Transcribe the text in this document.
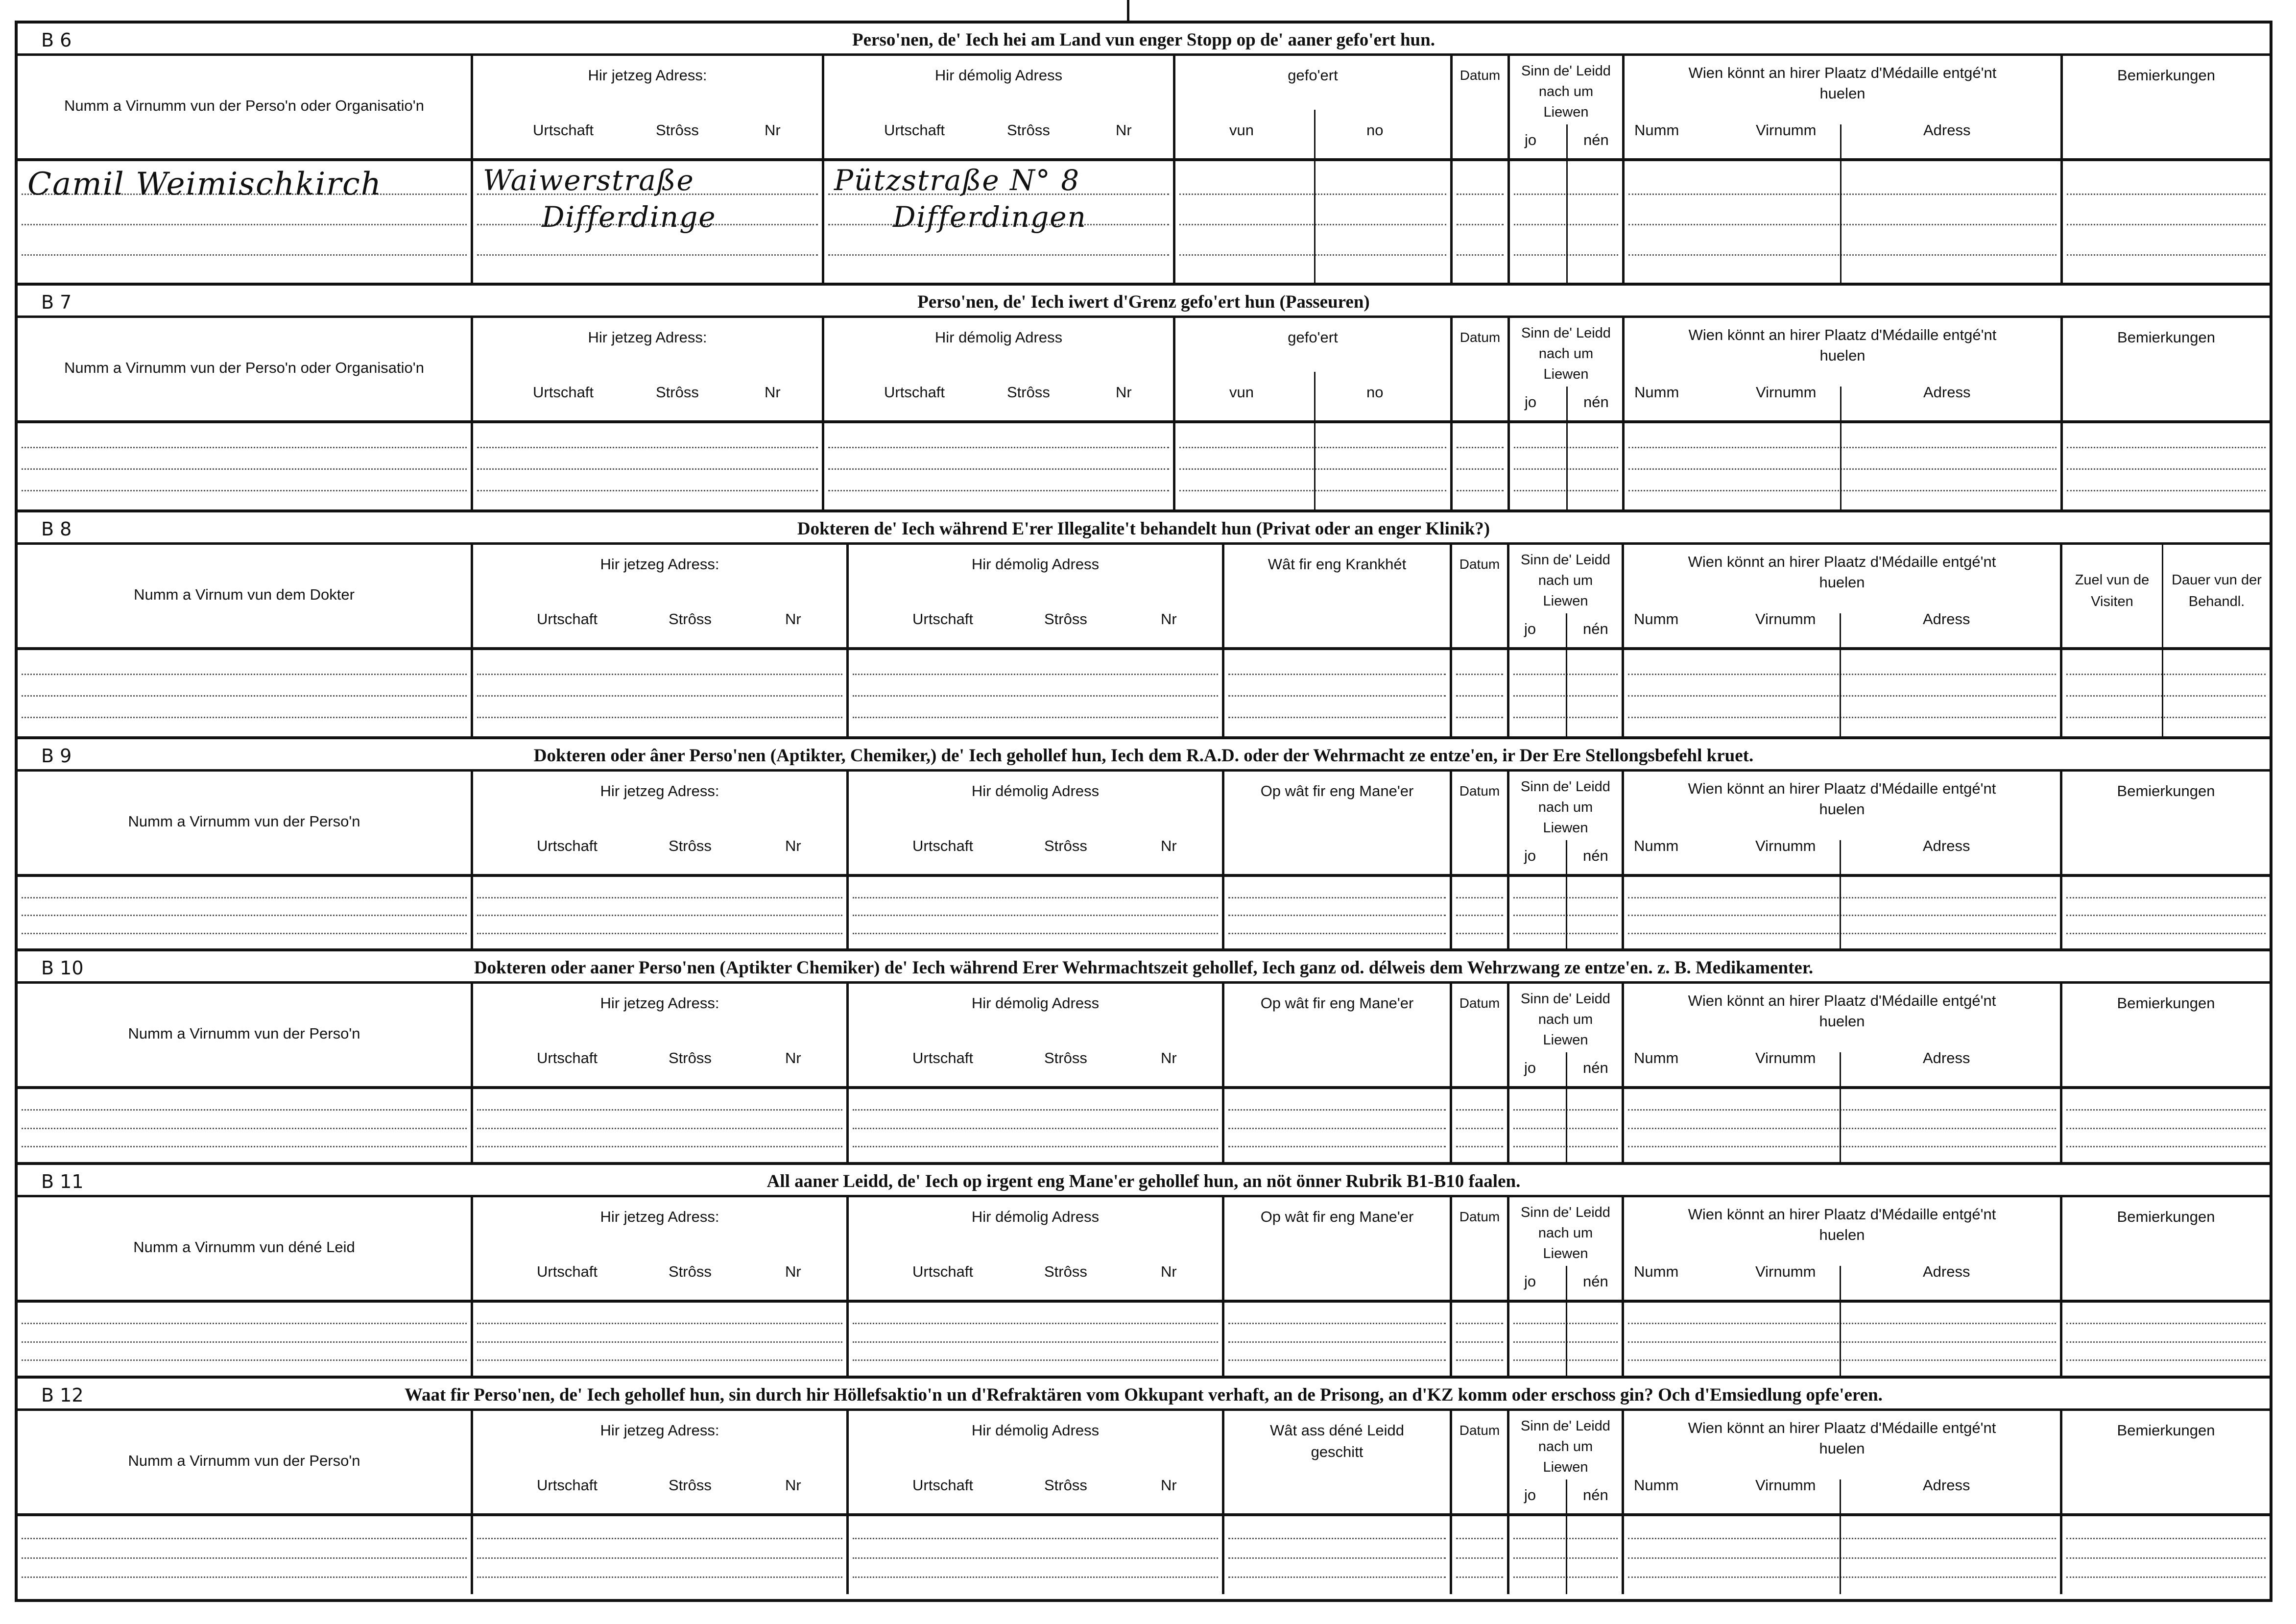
B 6	Perso'nen, de' Iech hei am Land vun enger Stopp op de' aaner gefo'ert hun.
Numm a Virnumm vun der Perso'n oder Organisatio'n
Camil Weimischkirch
Hir jetzeg Adress:
Urtschaft	Strôss	Nr
Waiwerstraße
Differdinge
Hir démolig Adress
Urtschaft	Strôss	Nr
Pützstraße N° 8
Differdingen
gefo'ert
vun	no
Datum	Sinn de' Leidd nach um Liewen
jo	nén
Wien könnt an hirer Plaatz d'Médaille entgé'nt huelen
Numm	Virnumm	Adress
Bemierkungen
B 7	Perso'nen, de' Iech iwert d'Grenz gefo'ert hun (Passeuren)
Numm a Virnumm vun der Perso'n oder Organisatio'n
Hir jetzeg Adress:
Urtschaft	Strôss	Nr
Hir démolig Adress
Urtschaft	Strôss	Nr
gefo'ert
vun	no
Datum	Sinn de' Leidd nach um Liewen
jo	nén
Wien könnt an hirer Plaatz d'Médaille entgé'nt huelen
Numm	Virnumm	Adress
Bemierkungen
B 8	Dokteren de' Iech während E'rer Illegalite't behandelt hun (Privat oder an enger Klinik?)
Numm a Virnum vun dem Dokter
Hir jetzeg Adress:
Urtschaft	Strôss	Nr
Hir démolig Adress
Urtschaft	Strôss	Nr
Wât fir eng Krankhét	Datum	Sinn de' Leidd nach um Liewen
jo	nén
Wien könnt an hirer Plaatz d'Médaille entgé'nt huelen
Numm	Virnumm	Adress
Zuel vun de Visiten
Dauer vun der Behandl.
B 9	Dokteren oder âner Perso'nen (Aptikter, Chemiker,) de' Iech gehollef hun, Iech dem R.A.D. oder der Wehrmacht ze entze'en, ir Der Ere Stellongsbefehl kruet.
Numm a Virnumm vun der Perso'n
Hir jetzeg Adress:
Urtschaft	Strôss	Nr
Hir démolig Adress
Urtschaft	Strôss	Nr
Op wât fir eng Mane'er	Datum	Sinn de' Leidd nach um Liewen
jo	nén
Wien könnt an hirer Plaatz d'Médaille entgé'nt huelen
Numm	Virnumm	Adress
Bemierkungen
B 10	Dokteren oder aaner Perso'nen (Aptikter Chemiker) de' Iech während Erer Wehrmachtszeit gehollef, Iech ganz od. délweis dem Wehrzwang ze entze'en. z. B. Medikamenter.
Numm a Virnumm vun der Perso'n
Hir jetzeg Adress:
Urtschaft	Strôss	Nr
Hir démolig Adress
Urtschaft	Strôss	Nr
Op wât fir eng Mane'er	Datum	Sinn de' Leidd nach um Liewen
jo	nén
Wien könnt an hirer Plaatz d'Médaille entgé'nt huelen
Numm	Virnumm	Adress
Bemierkungen
B 11	All aaner Leidd, de' Iech op irgent eng Mane'er gehollef hun, an nöt önner Rubrik B1-B10 faalen.
Numm a Virnumm vun déné Leid
Hir jetzeg Adress:
Urtschaft	Strôss	Nr
Hir démolig Adress
Urtschaft	Strôss	Nr
Op wât fir eng Mane'er	Datum	Sinn de' Leidd nach um Liewen
jo	nén
Wien könnt an hirer Plaatz d'Médaille entgé'nt huelen
Numm	Virnumm	Adress
Bemierkungen
B 12	Waat fir Perso'nen, de' Iech gehollef hun, sin durch hir Höllefsaktio'n un d'Refraktären vom Okkupant verhaft, an de Prisong, an d'KZ komm oder erschoss gin? Och d'Emsiedlung opfe'eren.
Numm a Virnumm vun der Perso'n
Hir jetzeg Adress:
Urtschaft	Strôss	Nr
Hir démolig Adress
Urtschaft	Strôss	Nr
Wât ass déné Leidd geschitt
Datum	Sinn de' Leidd nach um Liewen
jo	nén
Wien könnt an hirer Plaatz d'Médaille entgé'nt huelen
Numm	Virnumm	Adress
Bemierkungen
